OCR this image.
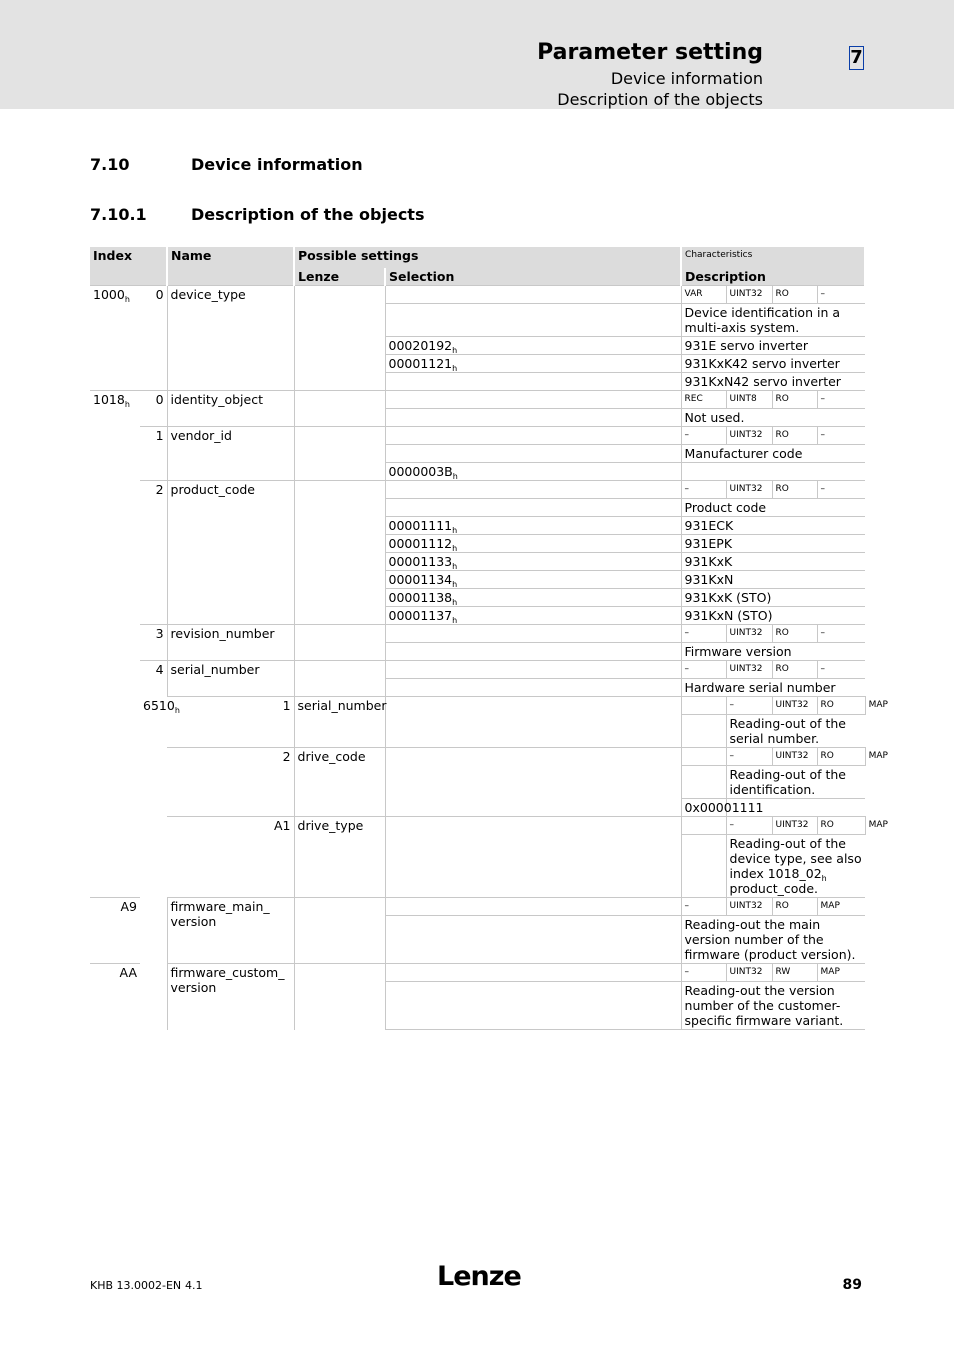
Parameter setting
Device information
Description of the objects
7
7.10	Device information
7.10.1	Description of the objects
Index		Name	Possible settings		Characteristics				
			Lenze	Selection	Description				
$1000_h$	0	device_type			VAR	UINT32	RO	–	
					Device identification in a multi-axis system.				
				$00020192_h$	931E servo inverter				
				$00001121_h$	931KxK42 servo inverter				
					931KxN42 servo inverter				
$1018_h$	0	identity_object			REC	UINT8	RO	–	
					Not used.				
	1	vendor_id			–	UINT32	RO	–	
					Manufacturer code				
				$0000003B_h$	
	2	product_code			–	UINT32	RO	–	
					Product code				
				$00001111_h$	931ECK				
				$00001112_h$	931EPK				
				$00001133_h$	931KxK				
				$00001134_h$	931KxN				
				$00001138_h$	931KxK (STO)				
				$00001137_h$	931KxN (STO)				
	3	revision_number			–	UINT32	RO	–	
					Firmware version				
	4	serial_number			–	UINT32	RO	–	
					Hardware serial number				
	$6510_h$	1	serial_number			–	UINT32	RO	MAP
						Reading-out of the serial number.			
		2	drive_code			–	UINT32	RO	MAP
						Reading-out of the identification.			
					0x00001111				
		A1	drive_type			–	UINT32	RO	MAP
						Reading-out of the device type, see also index $1018\_02_h$ product_code.			
A9		firmware_main_ version			–	UINT32	RO	MAP	
					Reading-out the main version number of the firmware (product version).				
AA		firmware_custom_ version			–	UINT32	RW	MAP	
					Reading-out the version number of the customer-specific firmware variant.				
KHB 13.0002-EN 4.1	Lenze	89
